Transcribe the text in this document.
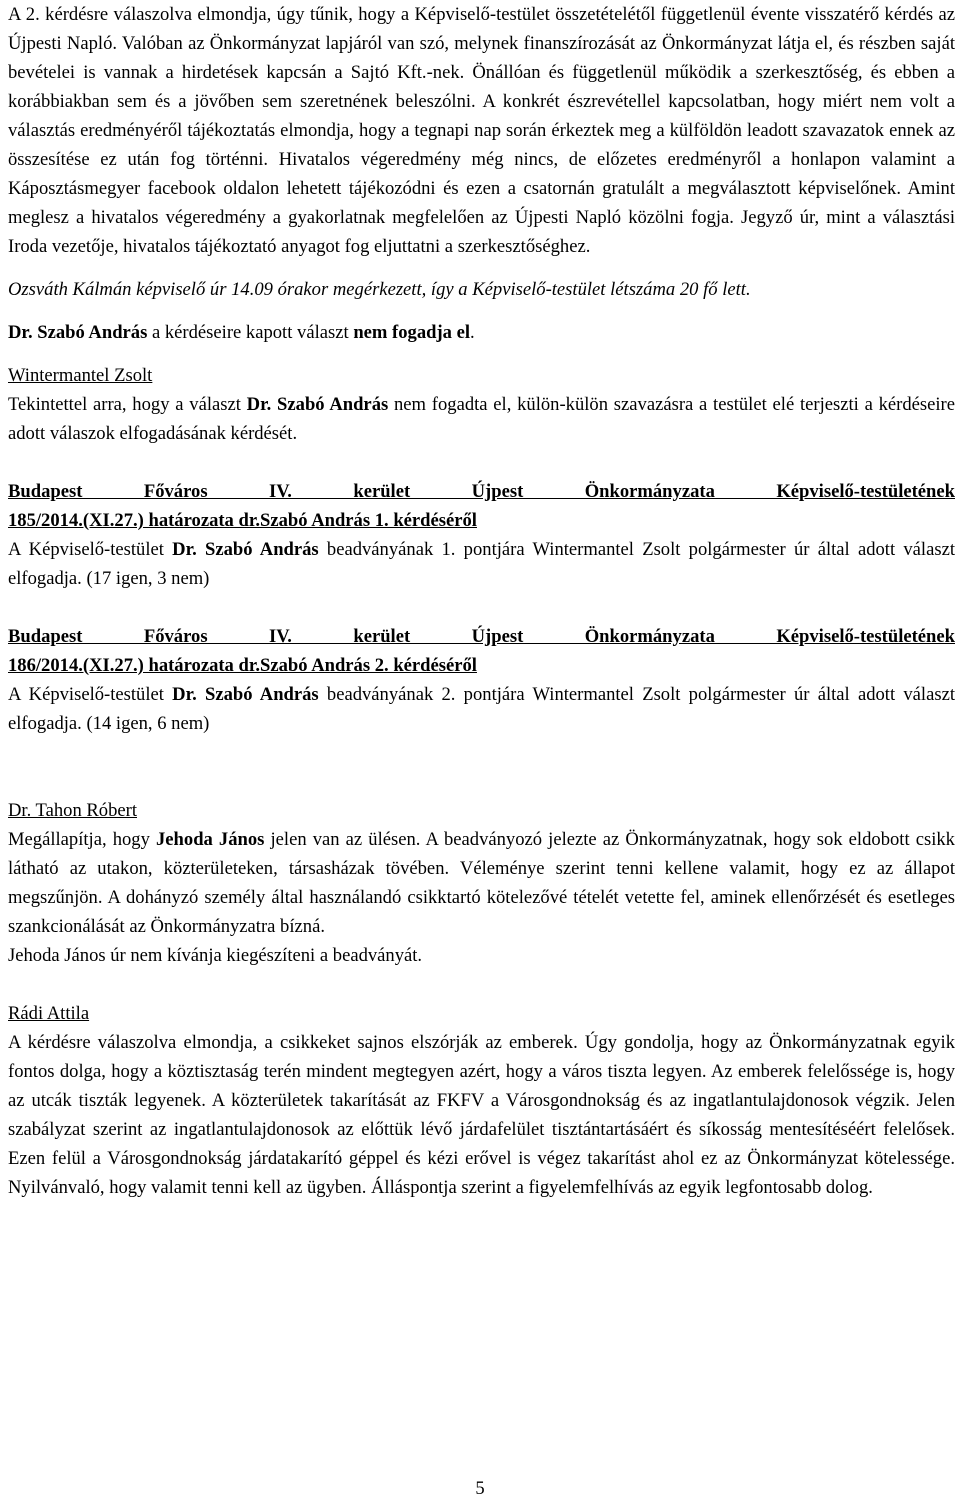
A 2. kérdésre válaszolva elmondja, úgy tűnik, hogy a Képviselő-testület összetételétől függetlenül évente visszatérő kérdés az Újpesti Napló. Valóban az Önkormányzat lapjáról van szó, melynek finanszírozását az Önkormányzat látja el, és részben saját bevételei is vannak a hirdetések kapcsán a Sajtó Kft.-nek. Önállóan és függetlenül működik a szerkesztőség, és ebben a korábbiakban sem és a jövőben sem szeretnének beleszólni. A konkrét észrevétellel kapcsolatban, hogy miért nem volt a választás eredményéről tájékoztatás elmondja, hogy a tegnapi nap során érkeztek meg a külföldön leadott szavazatok ennek az összesítése ez után fog történni. Hivatalos végeredmény még nincs, de előzetes eredményről a honlapon valamint a Káposztásmegyer facebook oldalon lehetett tájékozódni és ezen a csatornán gratulált a megválasztott képviselőnek. Amint meglesz a hivatalos végeredmény a gyakorlatnak megfelelően az Újpesti Napló közölni fogja. Jegyző úr, mint a választási Iroda vezetője, hivatalos tájékoztató anyagot fog eljuttatni a szerkesztőséghez.

Ozsváth Kálmán képviselő úr 14.09 órakor megérkezett, így a Képviselő-testület létszáma 20 fő lett.

Dr. Szabó András a kérdéseire kapott választ nem fogadja el.

Wintermantel Zsolt

Tekintettel arra, hogy a választ Dr. Szabó András nem fogadta el, külön-külön szavazásra a testület elé terjeszti a kérdéseire adott válaszok elfogadásának kérdését.

Budapest Főváros IV. kerület Újpest Önkormányzata Képviselő-testületének

185/2014.(XI.27.) határozata dr.Szabó András 1. kérdéséről

A Képviselő-testület Dr. Szabó András beadványának 1. pontjára Wintermantel Zsolt polgármester úr által adott választ elfogadja. (17 igen, 3 nem)

Budapest Főváros IV. kerület Újpest Önkormányzata Képviselő-testületének

186/2014.(XI.27.) határozata dr.Szabó András 2. kérdéséről

A Képviselő-testület Dr. Szabó András beadványának 2. pontjára Wintermantel Zsolt polgármester úr által adott választ elfogadja. (14 igen, 6 nem)

Dr. Tahon Róbert

Megállapítja, hogy Jehoda János jelen van az ülésen. A beadványozó jelezte az Önkormányzatnak, hogy sok eldobott csikk látható az utakon, közterületeken, társasházak tövében. Véleménye szerint tenni kellene valamit, hogy ez az állapot megszűnjön. A dohányzó személy által használandó csikktartó kötelezővé tételét vetette fel, aminek ellenőrzését és esetleges szankcionálását az Önkormányzatra bízná.

Jehoda János úr nem kívánja kiegészíteni a beadványát.

Rádi Attila

A kérdésre válaszolva elmondja, a csikkeket sajnos elszórják az emberek. Úgy gondolja, hogy az Önkormányzatnak egyik fontos dolga, hogy a köztisztaság terén mindent megtegyen azért, hogy a város tiszta legyen. Az emberek felelőssége is, hogy az utcák tiszták legyenek. A közterületek takarítását az FKFV a Városgondnokság és az ingatlantulajdonosok végzik. Jelen szabályzat szerint az ingatlantulajdonosok az előttük lévő járdafelület tisztántartásáért és síkosság mentesítéséért felelősek. Ezen felül a Városgondnokság járdatakarító géppel és kézi erővel is végez takarítást ahol ez az Önkormányzat kötelessége. Nyilvánvaló, hogy valamit tenni kell az ügyben. Álláspontja szerint a figyelemfelhívás az egyik legfontosabb dolog.

5
